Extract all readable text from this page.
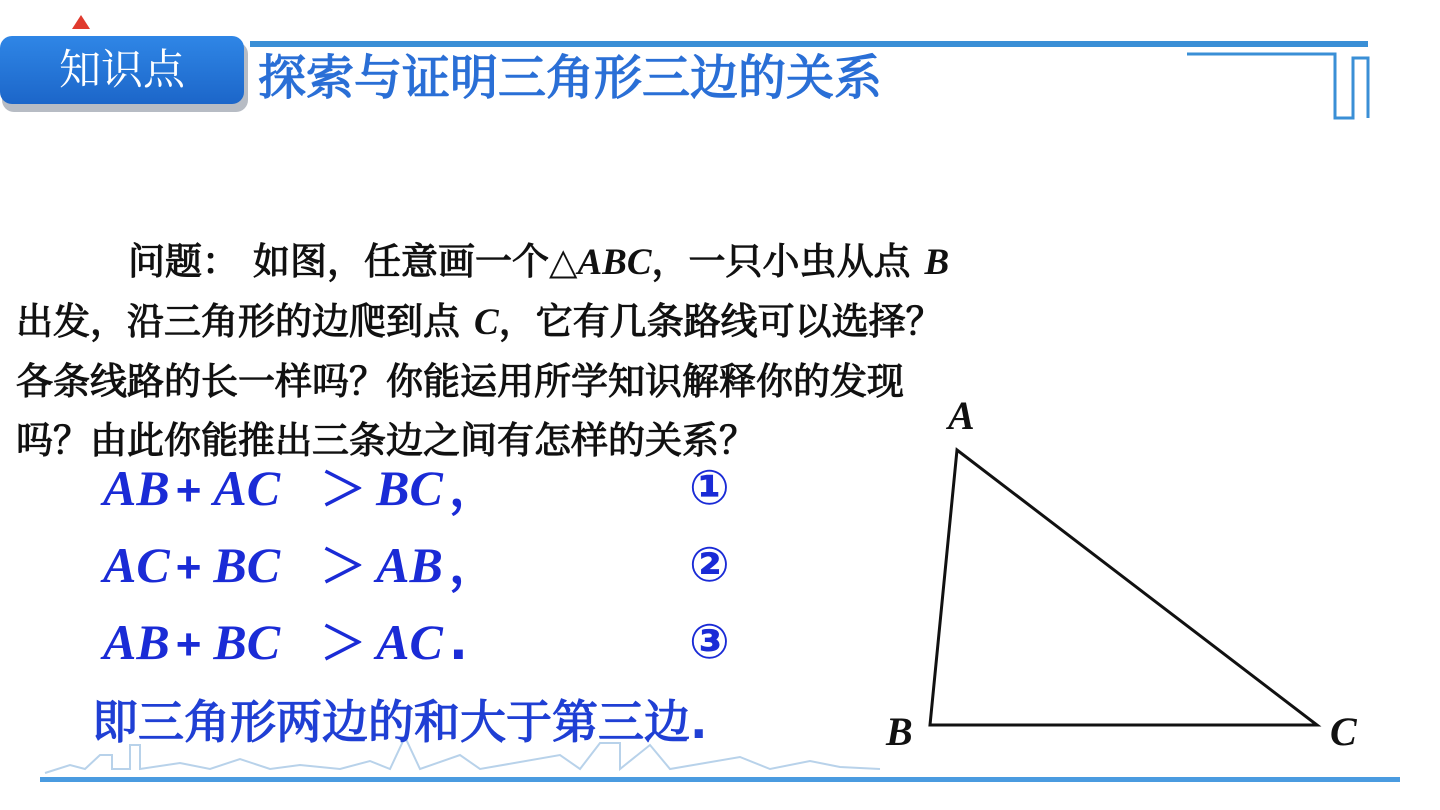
知识点	探索与证明三角形三边的关系

问题： 如图，任意画一个△ABC，一只小虫从点 B

出发，沿三角形的边爬到点 C，它有几条路线可以选择？

各条线路的长一样吗？你能运用所学知识解释你的发现

吗？由此你能推出三条边之间有怎样的关系？

AB + AC ＞ BC ，	①
AC + BC ＞ AB ，	②
AB + BC ＞ AC .	③
即三角形两边的和大于第三边.
A
B	C
